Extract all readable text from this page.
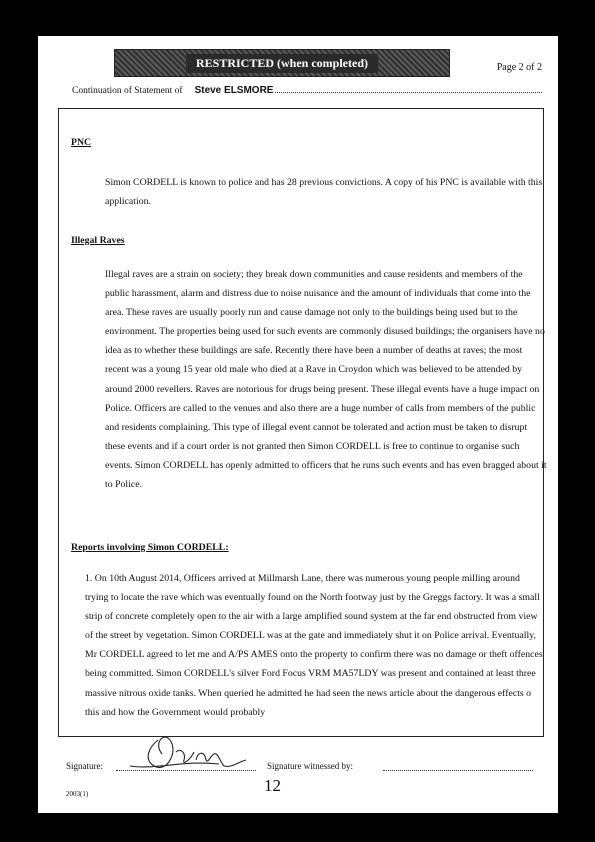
RESTRICTED (when completed)	Page 2 of 2
Continuation of Statement of Steve ELSMORE
PNC
Simon CORDELL is known to police and has 28 previous convictions. A copy of his PNC is available with this application.
Illegal Raves
Illegal raves are a strain on society; they break down communities and cause residents and members of the public harassment, alarm and distress due to noise nuisance and the amount of individuals that come into the area. These raves are usually poorly run and cause damage not only to the buildings being used but to the environment. The properties being used for such events are commonly disused buildings; the organisers have no idea as to whether these buildings are safe. Recently there have been a number of deaths at raves; the most recent was a young 15 year old male who died at a Rave in Croydon which was believed to be attended by around 2000 revellers. Raves are notorious for drugs being present. These illegal events have a huge impact on Police. Officers are called to the venues and also there are a huge number of calls from members of the public and residents complaining. This type of illegal event cannot be tolerated and action must be taken to disrupt these events and if a court order is not granted then Simon CORDELL is free to continue to organise such events. Simon CORDELL has openly admitted to officers that he runs such events and has even bragged about it to Police.
Reports involving Simon CORDELL:
1. On 10th August 2014, Officers arrived at Millmarsh Lane, there was numerous young people milling around trying to locate the rave which was eventually found on the North footway just by the Greggs factory. It was a small strip of concrete completely open to the air with a large amplified sound system at the far end obstructed from view of the street by vegetation. Simon CORDELL was at the gate and immediately shut it on Police arrival. Eventually, Mr CORDELL agreed to let me and A/PS AMES onto the property to confirm there was no damage or theft offences being committed. Simon CORDELL's silver Ford Focus VRM MA57LDY was present and contained at least three massive nitrous oxide tanks. When queried he admitted he had seen the news article about the dangerous effects o this and how the Government would probably
Signature:	Signature witnessed by:
12
2003(1)
